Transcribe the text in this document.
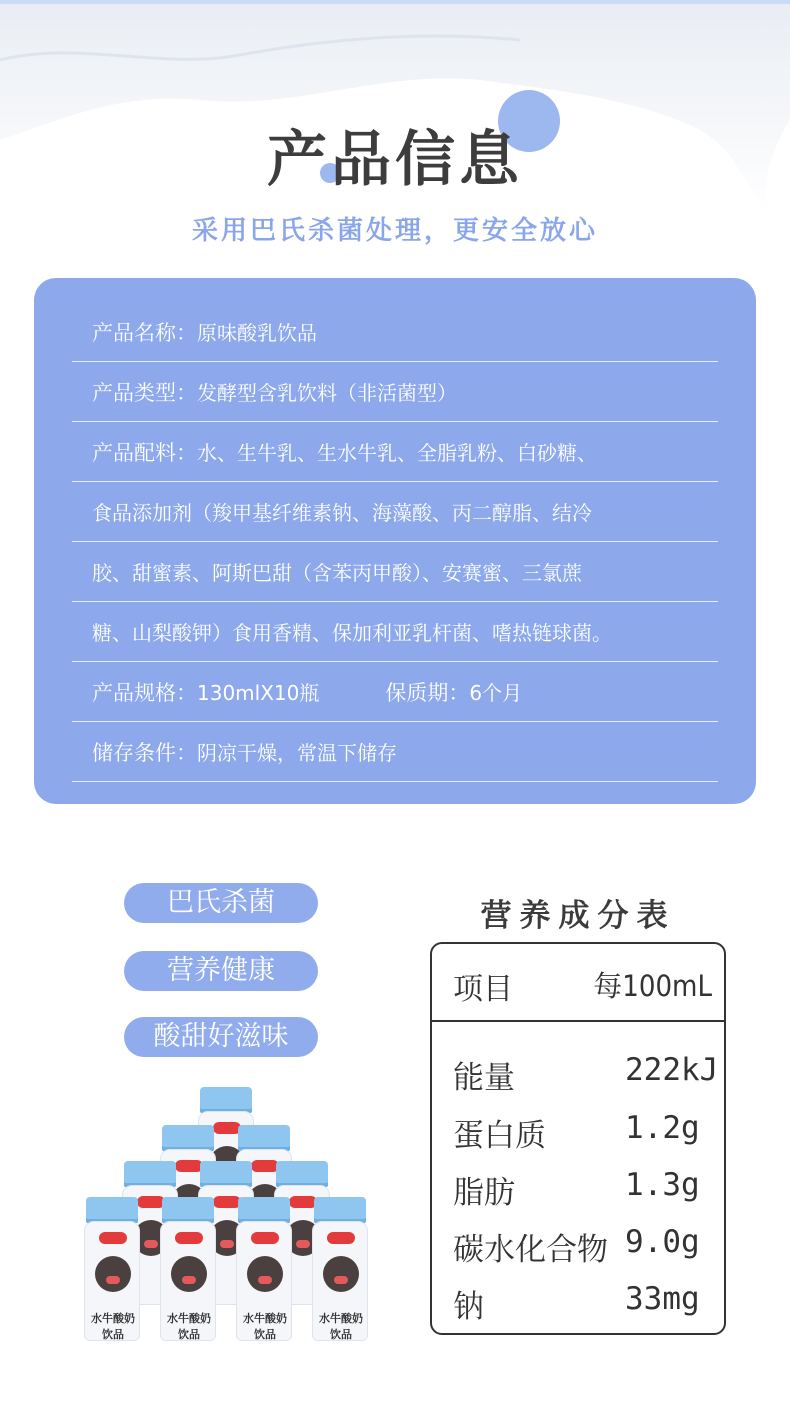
产品信息
采用巴氏杀菌处理，更安全放心
产品名称： 原味酸乳饮品
产品类型： 发酵型含乳饮料（非活菌型）
产品配料： 水、生牛乳、生水牛乳、全脂乳粉、白砂糖、
食品添加剂（羧甲基纤维素钠、海藻酸、丙二醇脂、结冷
胶、甜蜜素、阿斯巴甜（含苯丙甲酸）、安赛蜜、三氯蔗
糖、山梨酸钾）食用香精、保加利亚乳杆菌、嗜热链球菌。
产品规格： 130mlX10瓶	保质期： 6个月
储存条件： 阴凉干燥，常温下储存
巴氏杀菌
营养健康
酸甜好滋味
水牛酸奶饮品
水牛酸奶饮品
水牛酸奶饮品
水牛酸奶饮品
营养成分表
项目	每100mL
能量	222kJ
蛋白质	1.2g
脂肪	1.3g
碳水化合物 9.0g
钠	33mg
